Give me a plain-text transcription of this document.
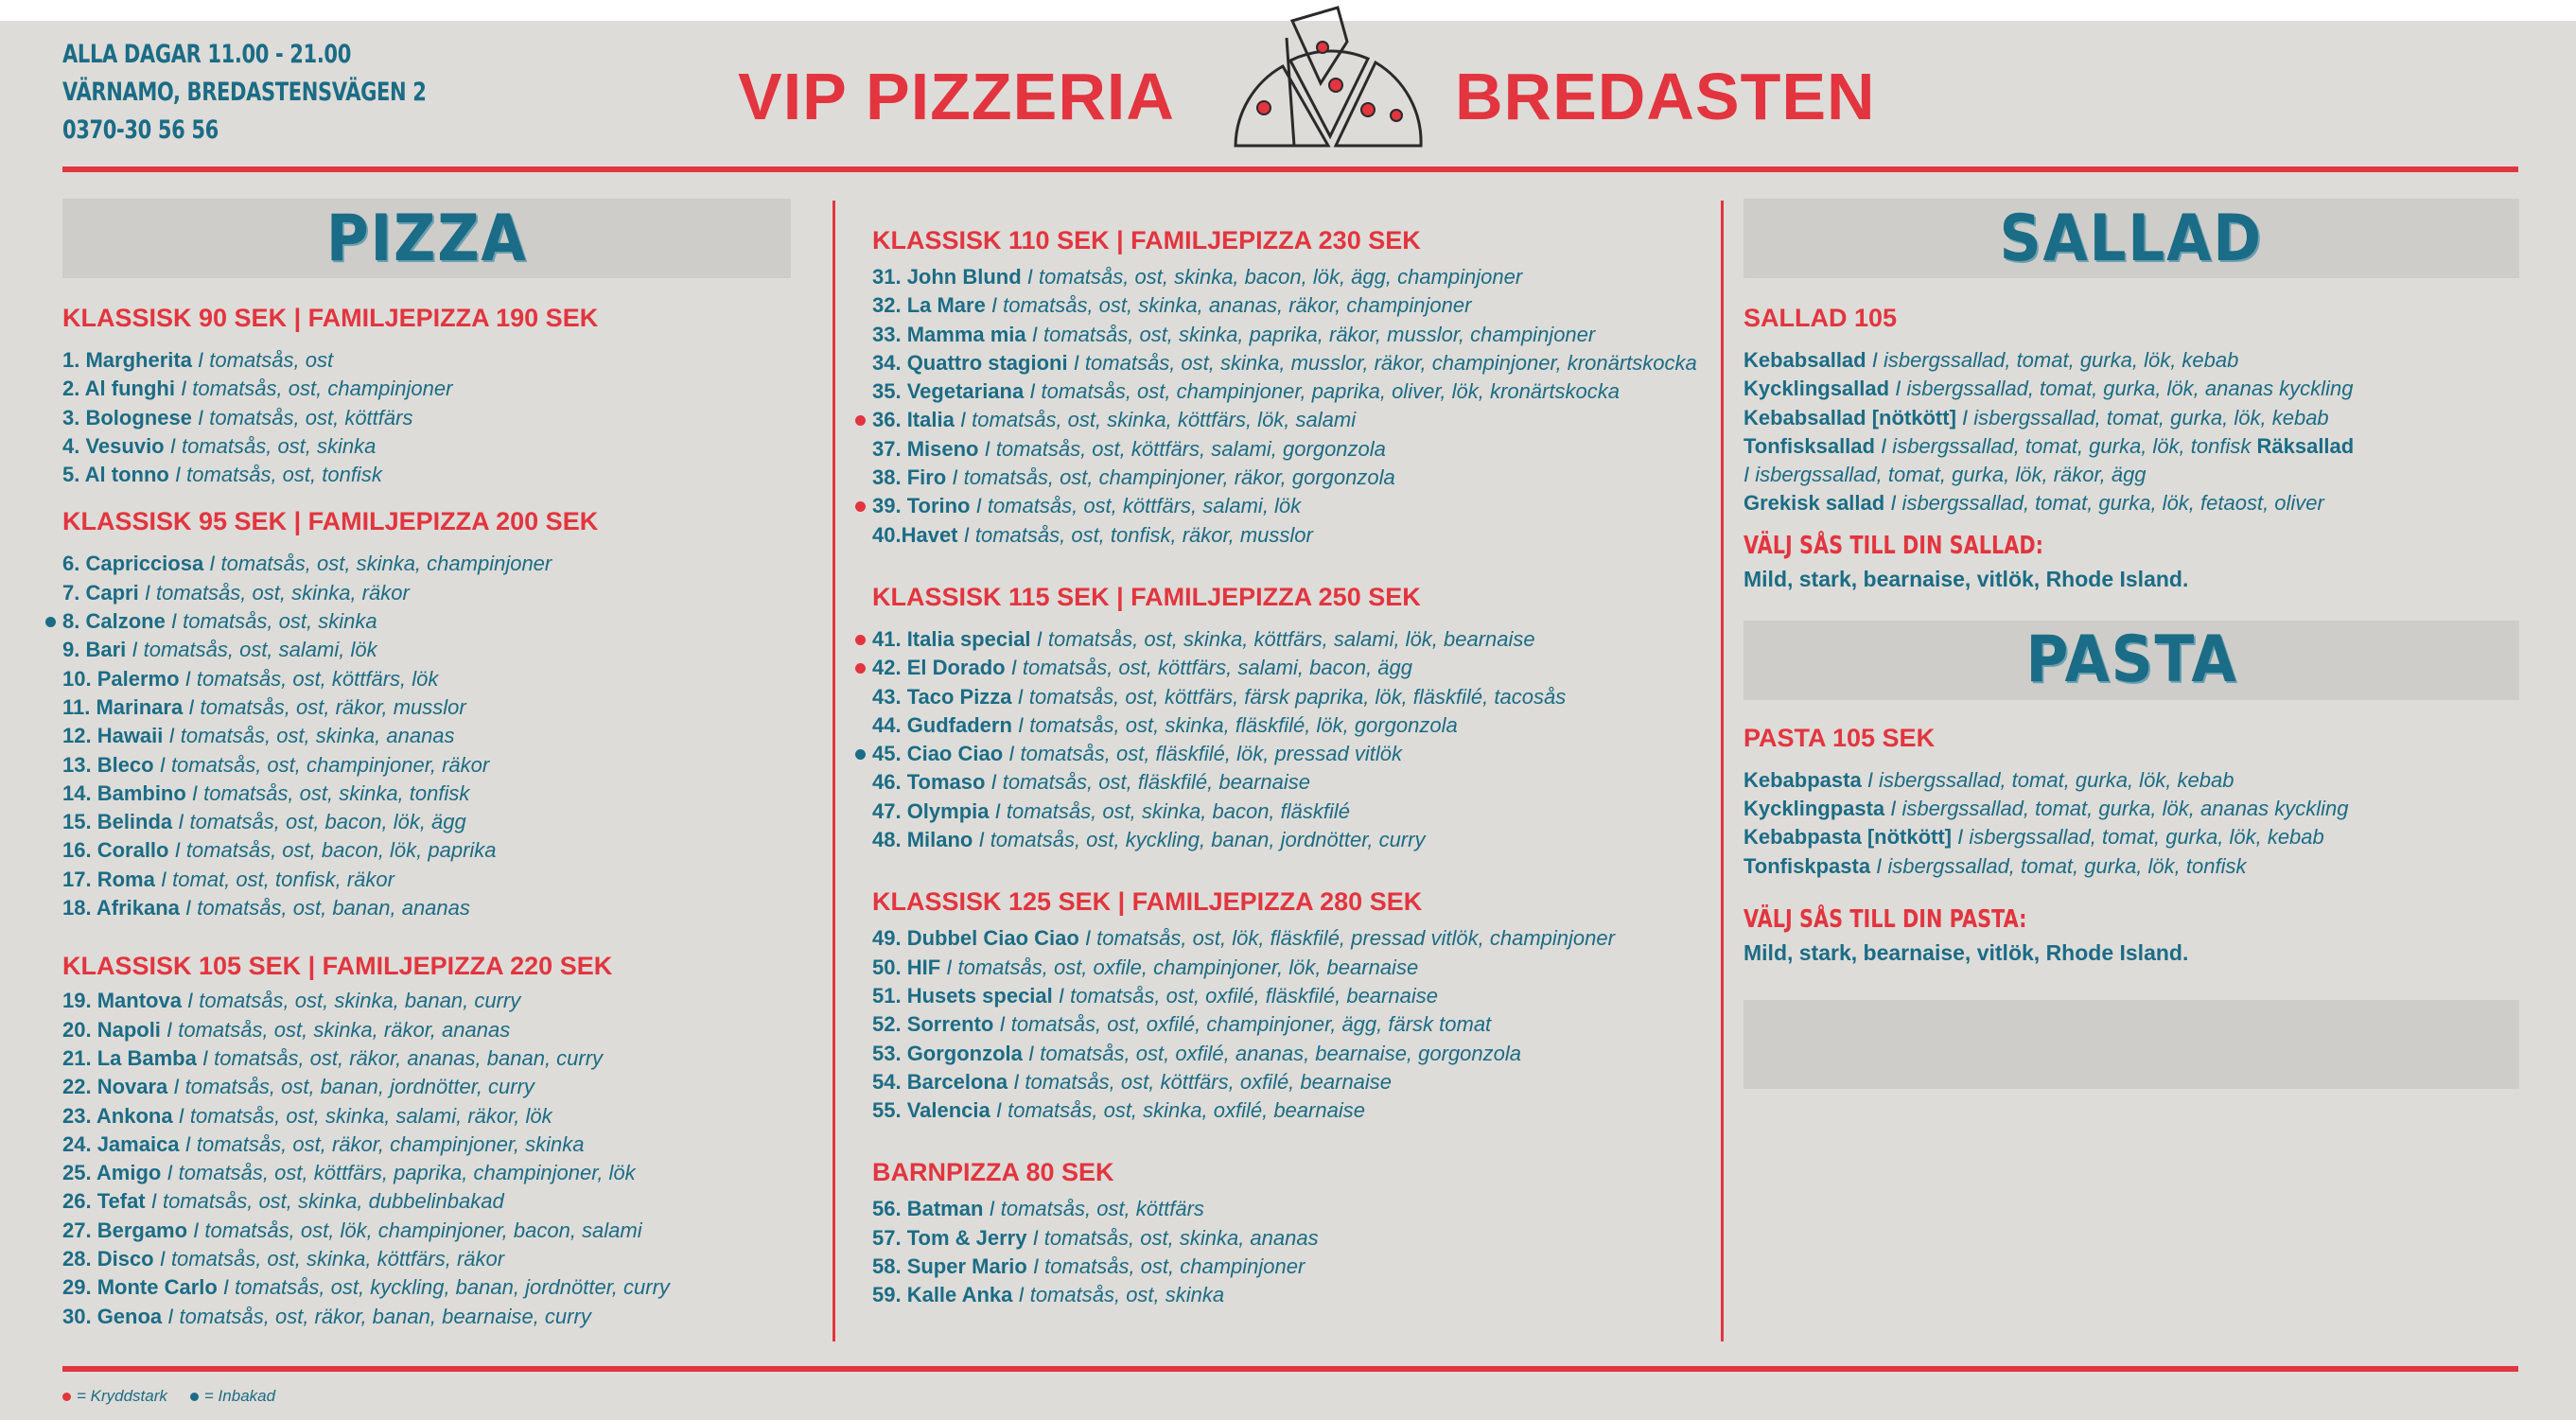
ALLA DAGAR 11.00 - 21.00
VÄRNAMO, BREDASTENSVÄGEN 2
0370-30 56 56	VIP PIZZERIA	BREDASTEN
PIZZA
KLASSISK 90 SEK | FAMILJEPIZZA 190 SEK
1. Margherita I tomatsås, ost
2. Al funghi I tomatsås, ost, champinjoner
3. Bolognese I tomatsås, ost, köttfärs
4. Vesuvio I tomatsås, ost, skinka
5. Al tonno I tomatsås, ost, tonfisk
KLASSISK 95 SEK | FAMILJEPIZZA 200 SEK
6. Capricciosa I tomatsås, ost, skinka, champinjoner
7. Capri I tomatsås, ost, skinka, räkor
8. Calzone I tomatsås, ost, skinka
9. Bari I tomatsås, ost, salami, lök
10. Palermo I tomatsås, ost, köttfärs, lök
11. Marinara I tomatsås, ost, räkor, musslor
12. Hawaii I tomatsås, ost, skinka, ananas
13. Bleco I tomatsås, ost, champinjoner, räkor
14. Bambino I tomatsås, ost, skinka, tonfisk
15. Belinda I tomatsås, ost, bacon, lök, ägg
16. Corallo I tomatsås, ost, bacon, lök, paprika
17. Roma I tomat, ost, tonfisk, räkor
18. Afrikana I tomatsås, ost, banan, ananas
KLASSISK 105 SEK | FAMILJEPIZZA 220 SEK
19. Mantova I tomatsås, ost, skinka, banan, curry
20. Napoli I tomatsås, ost, skinka, räkor, ananas
21. La Bamba I tomatsås, ost, räkor, ananas, banan, curry
22. Novara I tomatsås, ost, banan, jordnötter, curry
23. Ankona I tomatsås, ost, skinka, salami, räkor, lök
24. Jamaica I tomatsås, ost, räkor, champinjoner, skinka
25. Amigo I tomatsås, ost, köttfärs, paprika, champinjoner, lök
26. Tefat I tomatsås, ost, skinka, dubbelinbakad
27. Bergamo I tomatsås, ost, lök, champinjoner, bacon, salami
28. Disco I tomatsås, ost, skinka, köttfärs, räkor
29. Monte Carlo I tomatsås, ost, kyckling, banan, jordnötter, curry
30. Genoa I tomatsås, ost, räkor, banan, bearnaise, curry
KLASSISK 110 SEK | FAMILJEPIZZA 230 SEK
31. John Blund I tomatsås, ost, skinka, bacon, lök, ägg, champinjoner
32. La Mare I tomatsås, ost, skinka, ananas, räkor, champinjoner
33. Mamma mia I tomatsås, ost, skinka, paprika, räkor, musslor, champinjoner
34. Quattro stagioni I tomatsås, ost, skinka, musslor, räkor, champinjoner, kronärtskocka
35. Vegetariana I tomatsås, ost, champinjoner, paprika, oliver, lök, kronärtskocka
36. Italia I tomatsås, ost, skinka, köttfärs, lök, salami
37. Miseno I tomatsås, ost, köttfärs, salami, gorgonzola
38. Firo I tomatsås, ost, champinjoner, räkor, gorgonzola
39. Torino I tomatsås, ost, köttfärs, salami, lök
40.Havet I tomatsås, ost, tonfisk, räkor, musslor
KLASSISK 115 SEK | FAMILJEPIZZA 250 SEK
41. Italia special I tomatsås, ost, skinka, köttfärs, salami, lök, bearnaise
42. El Dorado I tomatsås, ost, köttfärs, salami, bacon, ägg
43. Taco Pizza I tomatsås, ost, köttfärs, färsk paprika, lök, fläskfilé, tacosås
44. Gudfadern I tomatsås, ost, skinka, fläskfilé, lök, gorgonzola
45. Ciao Ciao I tomatsås, ost, fläskfilé, lök, pressad vitlök
46. Tomaso I tomatsås, ost, fläskfilé, bearnaise
47. Olympia I tomatsås, ost, skinka, bacon, fläskfilé
48. Milano I tomatsås, ost, kyckling, banan, jordnötter, curry
KLASSISK 125 SEK | FAMILJEPIZZA 280 SEK
49. Dubbel Ciao Ciao I tomatsås, ost, lök, fläskfilé, pressad vitlök, champinjoner
50. HIF I tomatsås, ost, oxfile, champinjoner, lök, bearnaise
51. Husets special I tomatsås, ost, oxfilé, fläskfilé, bearnaise
52. Sorrento I tomatsås, ost, oxfilé, champinjoner, ägg, färsk tomat
53. Gorgonzola I tomatsås, ost, oxfilé, ananas, bearnaise, gorgonzola
54. Barcelona I tomatsås, ost, köttfärs, oxfilé, bearnaise
55. Valencia I tomatsås, ost, skinka, oxfilé, bearnaise
BARNPIZZA 80 SEK
56. Batman I tomatsås, ost, köttfärs
57. Tom & Jerry I tomatsås, ost, skinka, ananas
58. Super Mario I tomatsås, ost, champinjoner
59. Kalle Anka I tomatsås, ost, skinka
SALLAD
SALLAD 105
Kebabsallad I isbergssallad, tomat, gurka, lök, kebab
Kycklingsallad I isbergssallad, tomat, gurka, lök, ananas kyckling
Kebabsallad [nötkött] I isbergssallad, tomat, gurka, lök, kebab
Tonfisksallad I isbergssallad, tomat, gurka, lök, tonfisk Räksallad
I isbergssallad, tomat, gurka, lök, räkor, ägg
Grekisk sallad I isbergssallad, tomat, gurka, lök, fetaost, oliver
VÄLJ SÅS TILL DIN SALLAD:
Mild, stark, bearnaise, vitlök, Rhode Island.
PASTA
PASTA 105 SEK
Kebabpasta I isbergssallad, tomat, gurka, lök, kebab
Kycklingpasta I isbergssallad, tomat, gurka, lök, ananas kyckling
Kebabpasta [nötkött] I isbergssallad, tomat, gurka, lök, kebab
Tonfiskpasta I isbergssallad, tomat, gurka, lök, tonfisk
VÄLJ SÅS TILL DIN PASTA:
Mild, stark, bearnaise, vitlök, Rhode Island.
= Kryddstark = Inbakad
